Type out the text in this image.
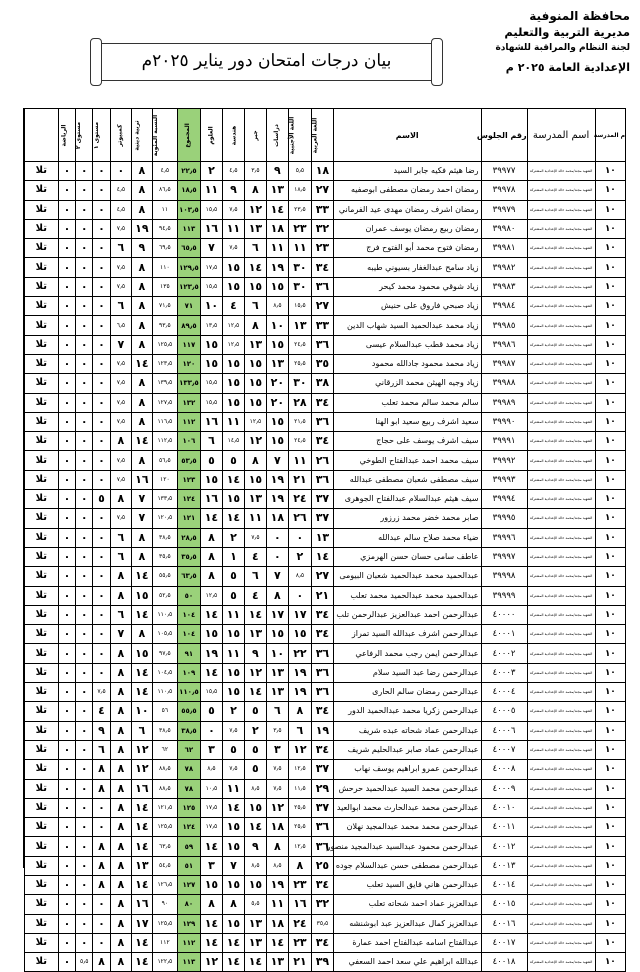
محافظة المنوفية
مديرية التربية والتعليم
لجنة النظام والمراقبة للشهادة
الإعدادية العامة ٢٠٢٥ م
بيان درجات امتحان دور يناير ٢٠٢٥م
م المدرسة	اسم المدرسة	رقم الجلوس	الاسم	اللغة العربية	اللغة الأجنبية	دراسات	جبر	هندسة	العلوم	المجموع	النسبة المئوية	تربية دينية	كمبيوتر	مستوى ١	مستوى ٢	الرياضة	
١٠	الشهيد مجند/محمد خالد الإعدادية المشتركة	٣٩٩٧٧	رضا هيثم فكيه جابر السيد	١٨	٥٫٥	٩	٣٫٥	٤٫٥	٢	٢٢٫٥	٤٫٥	٨	٠	٠	٠	٠	تلا
١٠	الشهيد مجند/محمد خالد الإعدادية المشتركة	٣٩٩٧٨	رمضان احمد رمضان مصطفى ابوصفيه	٢٧	١٨٫٥	١٣	٨	٩	١١	١٨٫٥	٨٦٫٥	٨	٤٫٥	٠	٠	٠	تلا
١٠	الشهيد مجند/محمد خالد الإعدادية المشتركة	٣٩٩٧٩	رمضان اشرف رمضان مهدى عيد الفرماني	٣٣	٢٣٫٥	١٤	١٢	٧٫٥	١٥٫٥	١٠٣٫٥	١١	٨	٤٫٥	٠	٠	٠	تلا
١٠	الشهيد مجند/محمد خالد الإعدادية المشتركة	٣٩٩٨٠	رمضان ربيع رمضان يوسف عمران	٣٢	٢٣	١٨	١٣	١١	١٦	١١٣	٩٤٫٥	١٩	٧٫٥	٠	٠	٠	تلا
١٠	الشهيد مجند/محمد خالد الإعدادية المشتركة	٣٩٩٨١	رمضان فتوح محمد أبو الفتوح فرج	٢٣	١١	١١	٦	٧٫٥	٧	٦٥٫٥	٦٩٫٥	٩	٦	٠	٠	٠	تلا
١٠	الشهيد مجند/محمد خالد الإعدادية المشتركة	٣٩٩٨٢	زياد سامح عبدالغفار بسيوني طيبه	٣٤	٣٠	١٩	١٤	١٥	١٧٫٥	١٢٩٫٥	١١٠	٨	٧٫٥	٠	٠	٠	تلا
١٠	الشهيد مجند/محمد خالد الإعدادية المشتركة	٣٩٩٨٣	زياد شوقي محمود محمد كيحر	٣٦	٣٠	١٥	١٥	١٥	١٥٫٥	١٢٣٫٥	١٣٥	٨	٧٫٥	٠	٠	٠	تلا
١٠	الشهيد مجند/محمد خالد الإعدادية المشتركة	٣٩٩٨٤	زياد صبحي فاروق على حنيش	٢٧	١٥٫٥	٨٫٥	٦	٤	١٠	٧١	٧١٫٥	٨	٦	٠	٠	٠	تلا
١٠	الشهيد مجند/محمد خالد الإعدادية المشتركة	٣٩٩٨٥	زياد محمد عبدالحميد السيد شهاب الدين	٣٣	١٣	١٠	٨	١٢٫٥	١٣٫٥	٨٩٫٥	٩٣٫٥	٨	٦٫٥	٠	٠	٠	تلا
١٠	الشهيد مجند/محمد خالد الإعدادية المشتركة	٣٩٩٨٦	زياد محمد قطب عبدالسلام عيسى	٣٦	٢٤٫٥	١٥	١٣	١٢٫٥	١٥	١١٧	١٢٥٫٥	٨	٧	٠	٠	٠	تلا
١٠	الشهيد مجند/محمد خالد الإعدادية المشتركة	٣٩٩٨٧	زياد محمد محمود جادالله محمود	٣٥	٢٥٫٥	١٣	١٥	١٥	١٥	١٢٠	١٢٣٫٥	١٤	٧٫٥	٠	٠	٠	تلا
١٠	الشهيد مجند/محمد خالد الإعدادية المشتركة	٣٩٩٨٨	زياد وجيه الهيثن محمد الزرقاني	٣٨	٣٠	٢٠	١٥	١٥	١٥٫٥	١٣٣٫٥	١٣٩٫٥	٨	٧٫٥	٠	٠	٠	تلا
١٠	الشهيد مجند/محمد خالد الإعدادية المشتركة	٣٩٩٨٩	سالم محمد سالم محمد تعلب	٣٤	٢٨	٢٠	١٥	١٥	١٥٫٥	١٣٢	١٢٧٫٥	٨	٧٫٥	٠	٠	٠	تلا
١٠	الشهيد مجند/محمد خالد الإعدادية المشتركة	٣٩٩٩٠	سعيد اشرف ربيع سعيد ابو الهنا	٣٦	٢١٫٥	١٥	١٢٫٥	١١	١٦	١١٢	١١٦٫٥	٨	٧٫٥	٠	٠	٠	تلا
١٠	الشهيد مجند/محمد خالد الإعدادية المشتركة	٣٩٩٩١	سيف اشرف يوسف على حجاج	٣٤	٢٤٫٥	١٥	١٢	١٤٫٥	٦	١٠٦	١١٢٫٥	١٤	٨	٠	٠	٠	تلا
١٠	الشهيد مجند/محمد خالد الإعدادية المشتركة	٣٩٩٩٢	سيف محمد احمد عبدالفتاح الطوخي	٢٦	١١	٧	٨	٥	٥	٥٣٫٥	٥٦٫٥	٨	٧٫٥	٠	٠	٠	تلا
١٠	الشهيد مجند/محمد خالد الإعدادية المشتركة	٣٩٩٩٣	سيف مصطفى شعبان مصطفى عبدالله	٣٦	٢١	١٩	١٥	١٤	١٥	١٢٣	١٢٠	١٦	٧٫٥	٠	٠	٠	تلا
١٠	الشهيد مجند/محمد خالد الإعدادية المشتركة	٣٩٩٩٤	سيف هيثم عبدالسلام عبدالفتاح الجوهرى	٣٧	٢٤	١٩	١٣	١٥	١٦	١٢٤	١٣٣٫٥	٧	٨	٥	٠	٠	تلا
١٠	الشهيد مجند/محمد خالد الإعدادية المشتركة	٣٩٩٩٥	صابر محمد خضر محمد زرزور	٣٧	٢٦	١٨	١١	١٤	١٤	١٢١	١٢٠٫٥	٧	٧٫٥	٠	٠	٠	تلا
١٠	الشهيد مجند/محمد خالد الإعدادية المشتركة	٣٩٩٩٦	ضياء محمد صلاح سالم عبدالله	١٣	٠	٠	٧٫٥	٢	٨	٢٨٫٥	٣٨٫٥	٨	٦	٠	٠	٠	تلا
١٠	الشهيد مجند/محمد خالد الإعدادية المشتركة	٣٩٩٩٧	عاطف سامى حسان حسن الهرمزي	١٤	٢	٠	٤	١	٨	٣٥٫٥	٣٥٫٥	٨	٦	٠	٠	٠	تلا
١٠	الشهيد مجند/محمد خالد الإعدادية المشتركة	٣٩٩٩٨	عبدالحميد محمد عبدالحميد شعبان البيومى	٢٧	٨٫٥	٧	٦	٥	٨	٦٣٫٥	٥٥٫٥	١٤	٨	٠	٠	٠	تلا
١٠	الشهيد مجند/محمد خالد الإعدادية المشتركة	٣٩٩٩٩	عبدالحميد محمد عبدالحميد محمد تعلب	٢١	٠	٨	٤	٥	١٢٫٥	٥٠	٥٢٫٥	١٥	٨	٠	٠	٠	تلا
١٠	الشهيد مجند/محمد خالد الإعدادية المشتركة	٤٠٠٠٠	عبدالرحمن احمد عبدالعزيز عبدالرحمن تلب	٣٤	١٧	١٧	١٤	١١	١٤	١٠٤	١١٠٫٥	١٤	٦	٠	٠	٠	تلا
١٠	الشهيد مجند/محمد خالد الإعدادية المشتركة	٤٠٠٠١	عبدالرحمن اشرف عبدالله السيد تمراز	٣٤	١٥	١٥	١٣	١٥	١٥	١٠٤	١٠٥٫٥	٨	٧	٠	٠	٠	تلا
١٠	الشهيد مجند/محمد خالد الإعدادية المشتركة	٤٠٠٠٢	عبدالرحمن ايمن رجب محمد الرفاعي	٣٦	٢٢	١٠	٩	١١	١٩	٩١	٩٧٫٥	١٥	٨	٠	٠	٠	تلا
١٠	الشهيد مجند/محمد خالد الإعدادية المشتركة	٤٠٠٠٣	عبدالرحمن رضا عبد السيد سلام	٣٦	١٩	١٣	١٢	١٥	١٤	١٠٩	١٠٤٫٥	١٤	٨	٠	٠	٠	تلا
١٠	الشهيد مجند/محمد خالد الإعدادية المشتركة	٤٠٠٠٤	عبدالرحمن رمضان سالم الحارى	٣٦	١٩	١٣	١٤	١٥	١٥٫٥	١١٠٫٥	١١٠٫٥	١٤	٨	٧٫٥	٠	٠	تلا
١٠	الشهيد مجند/محمد خالد الإعدادية المشتركة	٤٠٠٠٥	عبدالرحمن زكريا محمد عبدالحميد الدور	٣٤	٨	٦	٥	٢	٥	٥٥٫٥	٥٦	١٠	٨	٤	٠	٠	تلا
١٠	الشهيد مجند/محمد خالد الإعدادية المشتركة	٤٠٠٠٦	عبدالرحمن عماد شحاته عبده شريف	١٩	٦	٣٫٥	٢	٧٫٥	٠	٣٨٫٥	٣٨٫٥	٦	٨	٩	٠	٠	تلا
١٠	الشهيد مجند/محمد خالد الإعدادية المشتركة	٤٠٠٠٧	عبدالرحمن عماد صابر عبدالحليم شريف	٣٤	١٢	٣	٥	٥	٣	٦٢	٦٢	١٢	٨	٦	٠	٠	تلا
١٠	الشهيد مجند/محمد خالد الإعدادية المشتركة	٤٠٠٠٨	عبدالرحمن عمرو ابراهيم يوسف نهاب	٣٧	١٢٫٥	٧٫٥	٥	٧٫٥	٨٫٥	٧٨	٨٨٫٥	١٢	٨	٨	٠	٠	تلا
١٠	الشهيد مجند/محمد خالد الإعدادية المشتركة	٤٠٠٠٩	عبدالرحمن محمد السيد عبدالحميد حرحش	٢٩	١١٫٥	٧٫٥	٨٫٥	١١	١٠٫٥	٧٨	٨٨٫٥	١٦	٨	٨	٠	٠	تلا
١٠	الشهيد مجند/محمد خالد الإعدادية المشتركة	٤٠٠١٠	عبدالرحمن محمد عبدالحارث محمد ابوالعيد	٣٧	٢٥٫٥	١٢	١٥	١٤	١٧٫٥	١٢٥	١٢١٫٥	١٤	٨	٠	٠	٠	تلا
١٠	الشهيد مجند/محمد خالد الإعدادية المشتركة	٤٠٠١١	عبدالرحمن محمد محمد عبدالمجيد نهلان	٣٦	٢٥٫٥	١٨	١٤	١٥	١٧٫٥	١٢٤	١٢٥٫٥	١٤	٨	٠	٠	٠	تلا
١٠	الشهيد مجند/محمد خالد الإعدادية المشتركة	٤٠٠١٢	عبدالرحمن محمود عبدالسيد عبدالمجيد منصور	٣٦	١٢٫٥	٨	٩	١٥	١٤	٥٩	٦٣٫٥	١٤	٨	٨	٠	٠	تلا
١٠	الشهيد مجند/محمد خالد الإعدادية المشتركة	٤٠٠١٣	عبدالرحمن مصطفى حسن عبدالسلام جوده	٢٥	٨	٨٫٥	٨٫٥	٧	٣	٥١	٥٤٫٥	١٣	٨	٨	٠	٠	تلا
١٠	الشهيد مجند/محمد خالد الإعدادية المشتركة	٤٠٠١٤	عبدالرحمن هاني فايق السيد تعلب	٣٤	٢٣	١٩	١٥	١٥	١٥	١٢٧	١٢٦٫٥	١٤	٨	٨	٠	٠	تلا
١٠	الشهيد مجند/محمد خالد الإعدادية المشتركة	٤٠٠١٥	عبدالعزيز عماد احمد شحاته تعلب	٣٢	١٦	١١	٥٫٥	٨	٨	٨٠	٩٠	١٦	٨	٠	٠	٠	تلا
١٠	الشهيد مجند/محمد خالد الإعدادية المشتركة	٤٠٠١٦	عبدالعزيز كمال عبدالعزيز عبد ابوشنشه	٣٥٫٥	٢٤	١٨	١٣	١٥	١٤	١٢٩	١٢٥٫٥	١٧	٨	٠	٠	٠	تلا
١٠	الشهيد مجند/محمد خالد الإعدادية المشتركة	٤٠٠١٧	عبدالفتاح اسامه عبدالفتاح احمد عمارة	٣٤	٢٣	١٤	١٣	١٤	١٤	١١٢	١١٢	١٤	٨	٠	٠	٠	تلا
١٠	الشهيد مجند/محمد خالد الإعدادية المشتركة	٤٠٠١٨	عبدالله ابراهيم علي سعد احمد السعفي	٣٩	٢١	١٣	١٤	١٤	١٢	١١٣	١٢٢٫٥	١٤	٨	٨	٥٫٥	٠	تلا
